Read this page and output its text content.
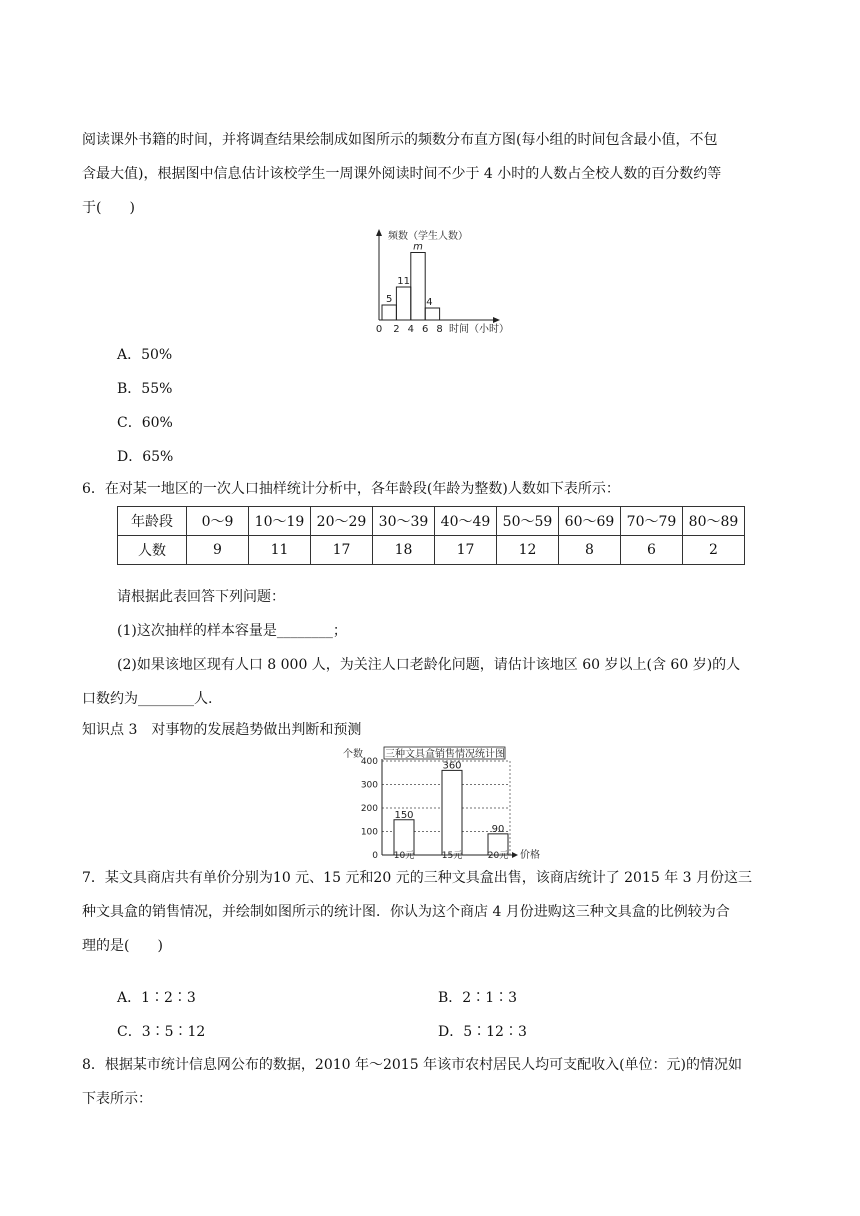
阅读课外书籍的时间，并将调查结果绘制成如图所示的频数分布直方图(每小组的时间包含最小值，不包
含最大值)，根据图中信息估计该校学生一周课外阅读时间不少于 4 小时的人数占全校人数的百分数约等
于(　　)
频数（学生人数）
5
11
m
4
0 2 4 6 8 时间（小时）
A．50%
B．55%
C．60%
D．65%
6．在对某一地区的一次人口抽样统计分析中，各年龄段(年龄为整数)人数如下表所示：
年龄段	0～9	10～19	20～29	30～39	40～49	50～59	60～69	70～79	80～89
人数	9	11	17	18	17	12	8	6	2
请根据此表回答下列问题：
(1)这次抽样的样本容量是________；
(2)如果该地区现有人口 8 000 人，为关注人口老龄化问题，请估计该地区 60 岁以上(含 60 岁)的人
口数约为________人.
知识点 3　对事物的发展趋势做出判断和预测
个数 三种文具盒销售情况统计图
0
100
200
300
400
150
10元
360
15元
90
20元 价格
7．某文具商店共有单价分别为10 元、15 元和20 元的三种文具盒出售，该商店统计了 2015 年 3 月份这三
种文具盒的销售情况，并绘制如图所示的统计图．你认为这个商店 4 月份进购这三种文具盒的比例较为合
理的是(　　)
A．1∶2∶3	B．2∶1∶3
C．3∶5∶12	D．5∶12∶3
8．根据某市统计信息网公布的数据，2010 年～2015 年该市农村居民人均可支配收入(单位：元)的情况如
下表所示：
